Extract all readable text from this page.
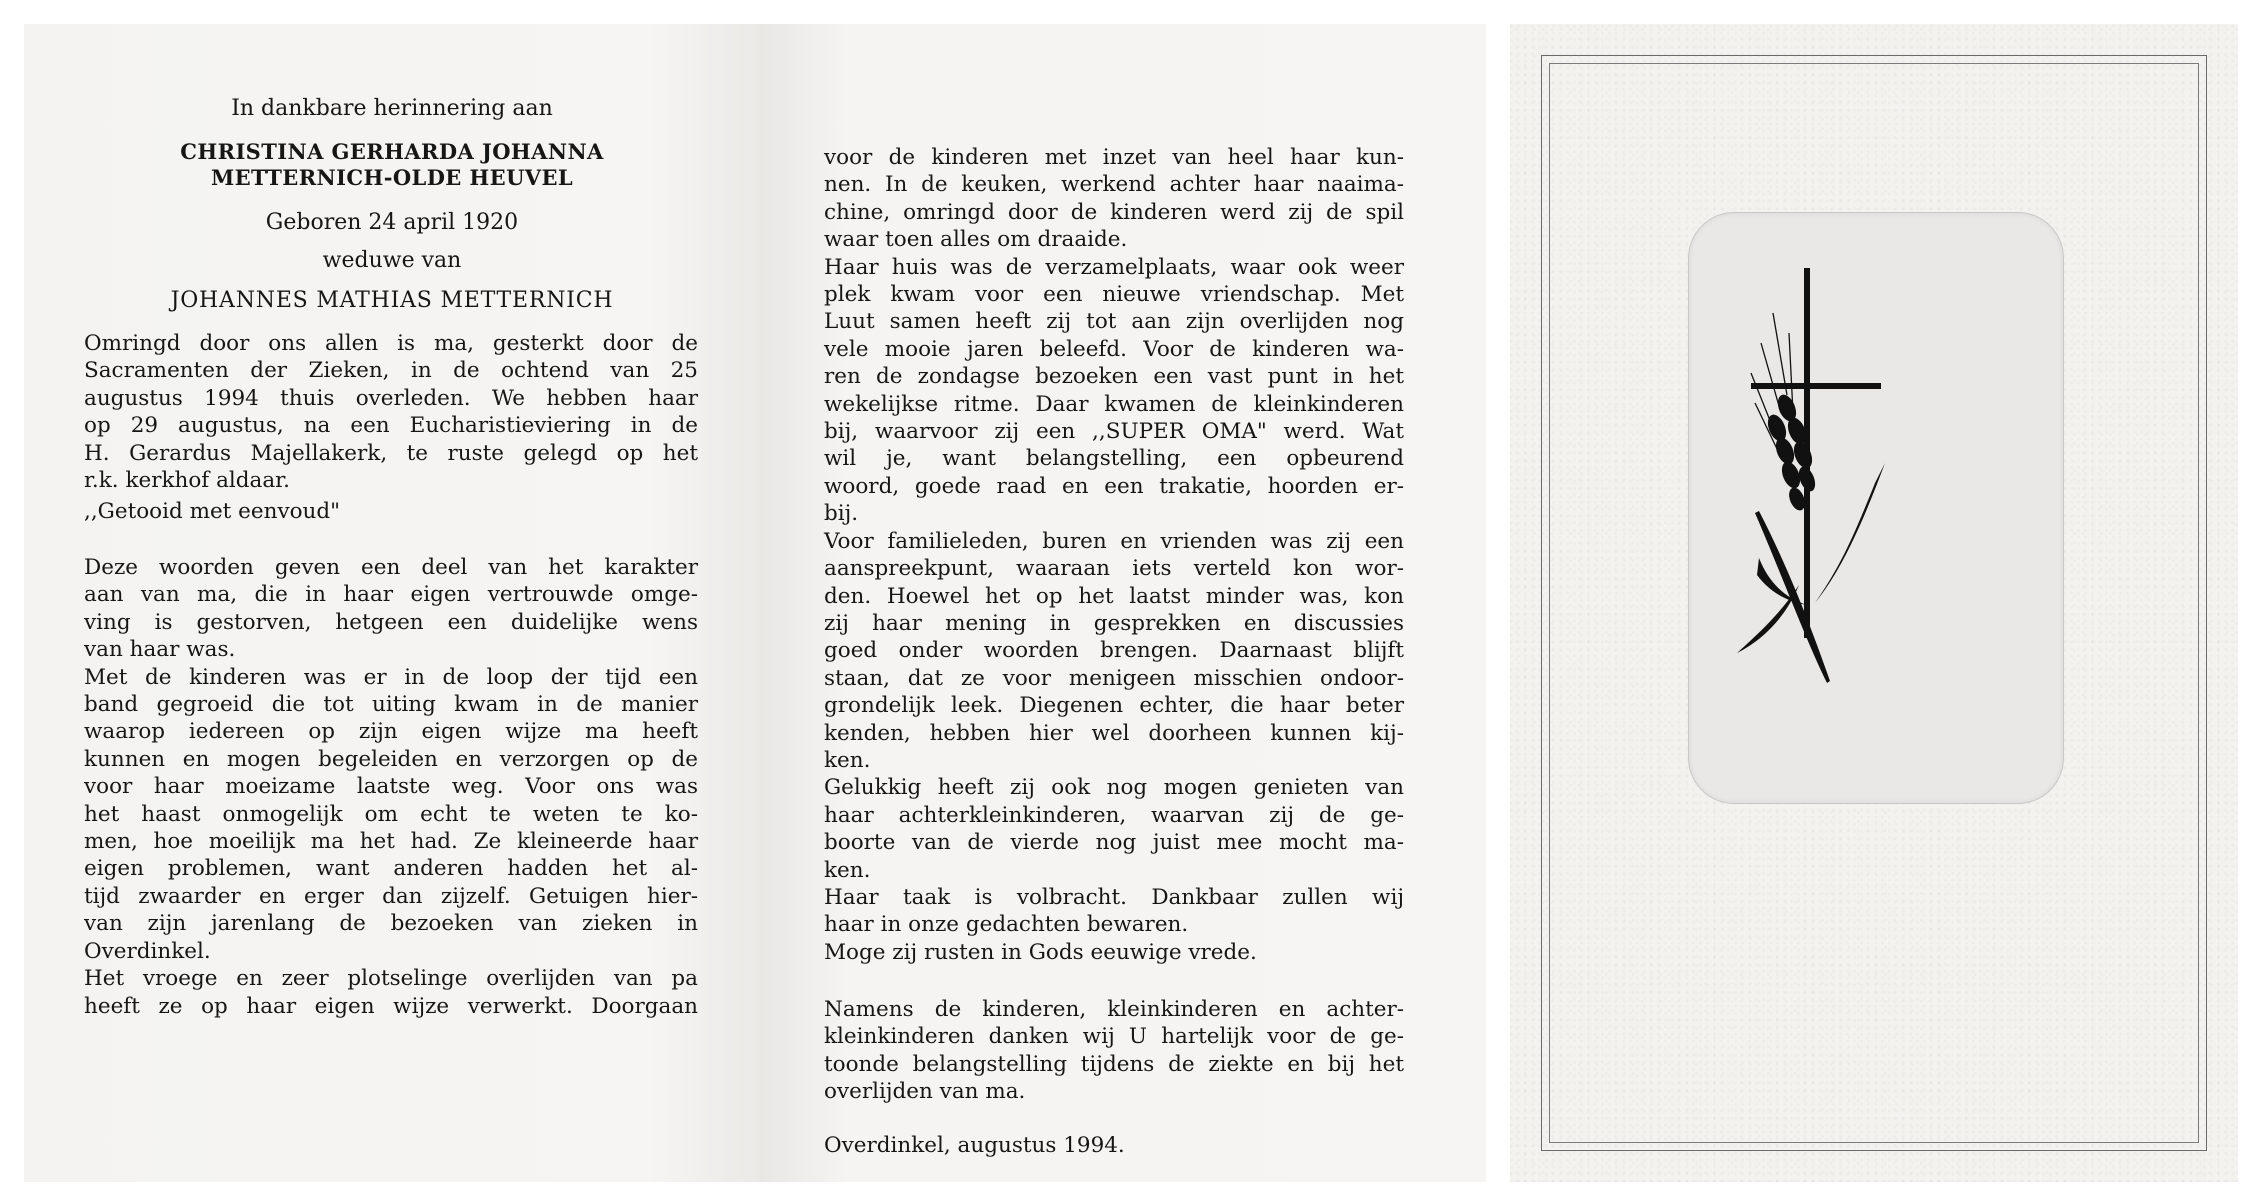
In dankbare herinnering aan
CHRISTINA GERHARDA JOHANNA
METTERNICH-OLDE HEUVEL
Geboren 24 april 1920
weduwe van
JOHANNES MATHIAS METTERNICH
Omringd door ons allen is ma, gesterkt door de
Sacramenten der Zieken, in de ochtend van 25
augustus 1994 thuis overleden. We hebben haar
op 29 augustus, na een Eucharistieviering in de
H. Gerardus Majellakerk, te ruste gelegd op het
r.k. kerkhof aldaar.
,,Getooid met eenvoud"
Deze woorden geven een deel van het karakter
aan van ma, die in haar eigen vertrouwde omge-
ving is gestorven, hetgeen een duidelijke wens
van haar was.
Met de kinderen was er in de loop der tijd een
band gegroeid die tot uiting kwam in de manier
waarop iedereen op zijn eigen wijze ma heeft
kunnen en mogen begeleiden en verzorgen op de
voor haar moeizame laatste weg. Voor ons was
het haast onmogelijk om echt te weten te ko-
men, hoe moeilijk ma het had. Ze kleineerde haar
eigen problemen, want anderen hadden het al-
tijd zwaarder en erger dan zijzelf. Getuigen hier-
van zijn jarenlang de bezoeken van zieken in
Overdinkel.
Het vroege en zeer plotselinge overlijden van pa
heeft ze op haar eigen wijze verwerkt. Doorgaan
voor de kinderen met inzet van heel haar kun-
nen. In de keuken, werkend achter haar naaima-
chine, omringd door de kinderen werd zij de spil
waar toen alles om draaide.
Haar huis was de verzamelplaats, waar ook weer
plek kwam voor een nieuwe vriendschap. Met
Luut samen heeft zij tot aan zijn overlijden nog
vele mooie jaren beleefd. Voor de kinderen wa-
ren de zondagse bezoeken een vast punt in het
wekelijkse ritme. Daar kwamen de kleinkinderen
bij, waarvoor zij een ,,SUPER OMA" werd. Wat
wil je, want belangstelling, een opbeurend
woord, goede raad en een trakatie, hoorden er-
bij.
Voor familieleden, buren en vrienden was zij een
aanspreekpunt, waaraan iets verteld kon wor-
den. Hoewel het op het laatst minder was, kon
zij haar mening in gesprekken en discussies
goed onder woorden brengen. Daarnaast blijft
staan, dat ze voor menigeen misschien ondoor-
grondelijk leek. Diegenen echter, die haar beter
kenden, hebben hier wel doorheen kunnen kij-
ken.
Gelukkig heeft zij ook nog mogen genieten van
haar achterkleinkinderen, waarvan zij de ge-
boorte van de vierde nog juist mee mocht ma-
ken.
Haar taak is volbracht. Dankbaar zullen wij
haar in onze gedachten bewaren.
Moge zij rusten in Gods eeuwige vrede.
Namens de kinderen, kleinkinderen en achter-
kleinkinderen danken wij U hartelijk voor de ge-
toonde belangstelling tijdens de ziekte en bij het
overlijden van ma.
Overdinkel, augustus 1994.
